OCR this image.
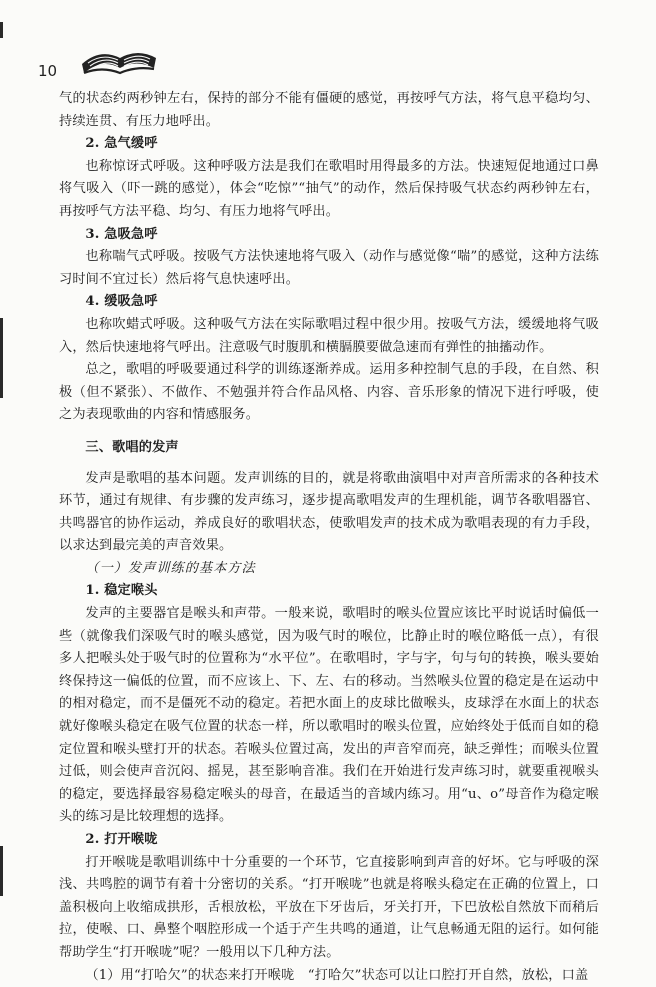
10

气的状态约两秒钟左右，保持的部分不能有僵硬的感觉，再按呼气方法，将气息平稳均匀、持续连贯、有压力地呼出。

2. 急气缓呼

也称惊讶式呼吸。这种呼吸方法是我们在歌唱时用得最多的方法。快速短促地通过口鼻将气吸入（吓一跳的感觉），体会“吃惊”“抽气”的动作，然后保持吸气状态约两秒钟左右，再按呼气方法平稳、均匀、有压力地将气呼出。

3. 急吸急呼

也称喘气式呼吸。按吸气方法快速地将气吸入（动作与感觉像“喘”的感觉，这种方法练习时间不宜过长）然后将气息快速呼出。

4. 缓吸急呼

也称吹蜡式呼吸。这种吸气方法在实际歌唱过程中很少用。按吸气方法，缓缓地将气吸入，然后快速地将气呼出。注意吸气时腹肌和横膈膜要做急速而有弹性的抽搐动作。

总之，歌唱的呼吸要通过科学的训练逐渐养成。运用多种控制气息的手段，在自然、积极（但不紧张）、不做作、不勉强并符合作品风格、内容、音乐形象的情况下进行呼吸，使之为表现歌曲的内容和情感服务。

三、歌唱的发声

发声是歌唱的基本问题。发声训练的目的，就是将歌曲演唱中对声音所需求的各种技术环节，通过有规律、有步骤的发声练习，逐步提高歌唱发声的生理机能，调节各歌唱器官、共鸣器官的协作运动，养成良好的歌唱状态，使歌唱发声的技术成为歌唱表现的有力手段，以求达到最完美的声音效果。

（一）发声训练的基本方法

1. 稳定喉头

发声的主要器官是喉头和声带。一般来说，歌唱时的喉头位置应该比平时说话时偏低一些（就像我们深吸气时的喉头感觉，因为吸气时的喉位，比静止时的喉位略低一点），有很多人把喉头处于吸气时的位置称为“水平位”。在歌唱时，字与字，句与句的转换，喉头要始终保持这一偏低的位置，而不应该上、下、左、右的移动。当然喉头位置的稳定是在运动中的相对稳定，而不是僵死不动的稳定。若把水面上的皮球比做喉头，皮球浮在水面上的状态就好像喉头稳定在吸气位置的状态一样，所以歌唱时的喉头位置，应始终处于低而自如的稳定位置和喉头壁打开的状态。若喉头位置过高，发出的声音窄而亮，缺乏弹性；而喉头位置过低，则会使声音沉闷、摇晃，甚至影响音准。我们在开始进行发声练习时，就要重视喉头的稳定，要选择最容易稳定喉头的母音，在最适当的音域内练习。用“u、o”母音作为稳定喉头的练习是比较理想的选择。

2. 打开喉咙

打开喉咙是歌唱训练中十分重要的一个环节，它直接影响到声音的好坏。它与呼吸的深浅、共鸣腔的调节有着十分密切的关系。“打开喉咙”也就是将喉头稳定在正确的位置上，口盖积极向上收缩成拱形，舌根放松，平放在下牙齿后，牙关打开，下巴放松自然放下而稍后拉，使喉、口、鼻整个咽腔形成一个适于产生共鸣的通道，让气息畅通无阻的运行。如何能帮助学生“打开喉咙”呢？一般用以下几种方法。

（1）用“打哈欠”的状态来打开喉咙　“打哈欠”状态可以让口腔打开自然，放松，口盖
